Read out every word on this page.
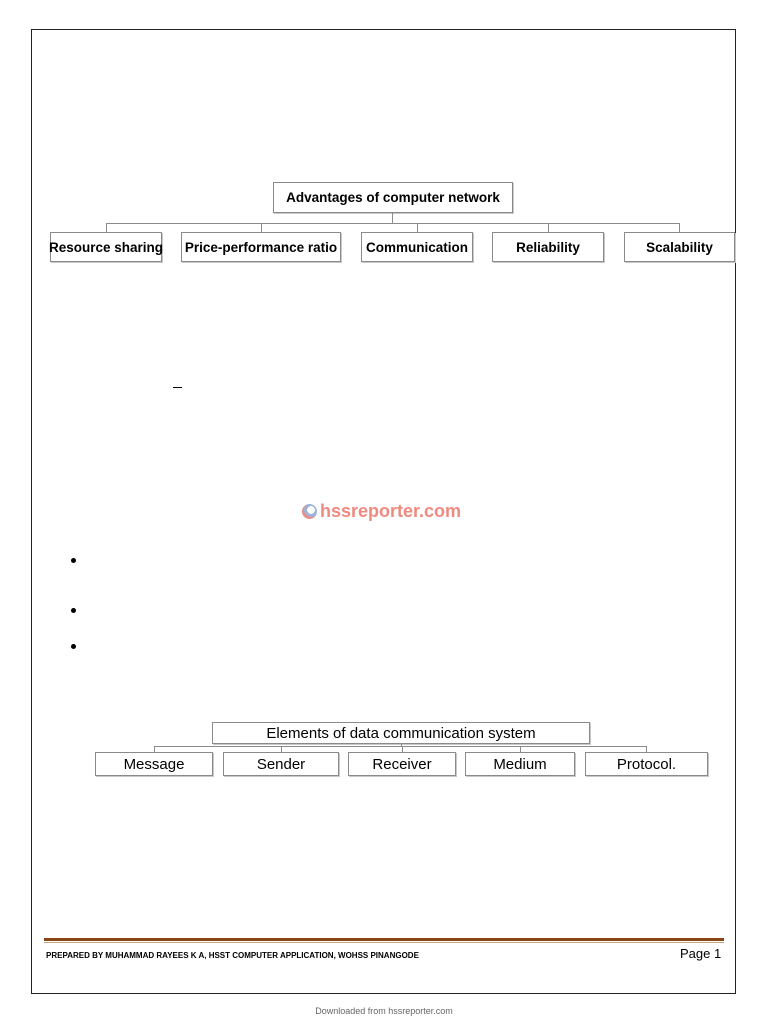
Advantages of computer network
Resource sharing Price-performance ratio	Communication	Reliability	Scalability
hssreporter.com
Elements of data communication system
Message	Sender	Receiver	Medium	Protocol.
PREPARED BY MUHAMMAD RAYEES K A, HSST COMPUTER APPLICATION, WOHSS PINANGODE	Page 1
Downloaded from hssreporter.com
